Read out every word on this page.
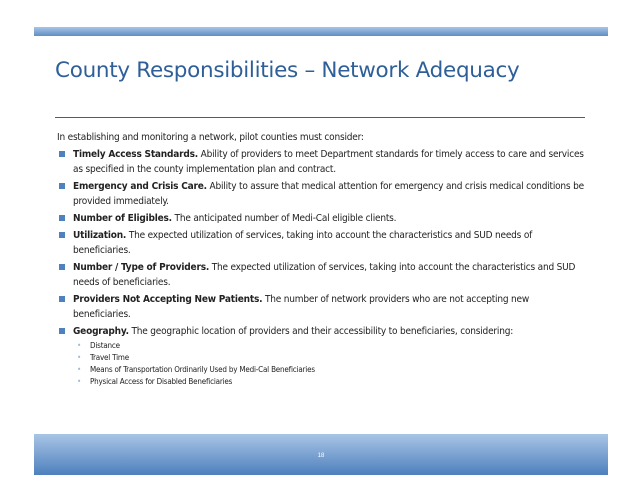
County Responsibilities – Network Adequacy

In establishing and monitoring a network, pilot counties must consider:

Timely Access Standards. Ability of providers to meet Department standards for timely access to care and services as specified in the county implementation plan and contract.
Emergency and Crisis Care. Ability to assure that medical attention for emergency and crisis medical conditions be provided immediately.
Number of Eligibles. The anticipated number of Medi-Cal eligible clients.
Utilization. The expected utilization of services, taking into account the characteristics and SUD needs of beneficiaries.
Number / Type of Providers. The expected utilization of services, taking into account the characteristics and SUD needs of beneficiaries.
Providers Not Accepting New Patients. The number of network providers who are not accepting new beneficiaries.
Geography. The geographic location of providers and their accessibility to beneficiaries, considering:
• Distance
• Travel Time
• Means of Transportation Ordinarily Used by Medi-Cal Beneficiaries
• Physical Access for Disabled Beneficiaries
18
